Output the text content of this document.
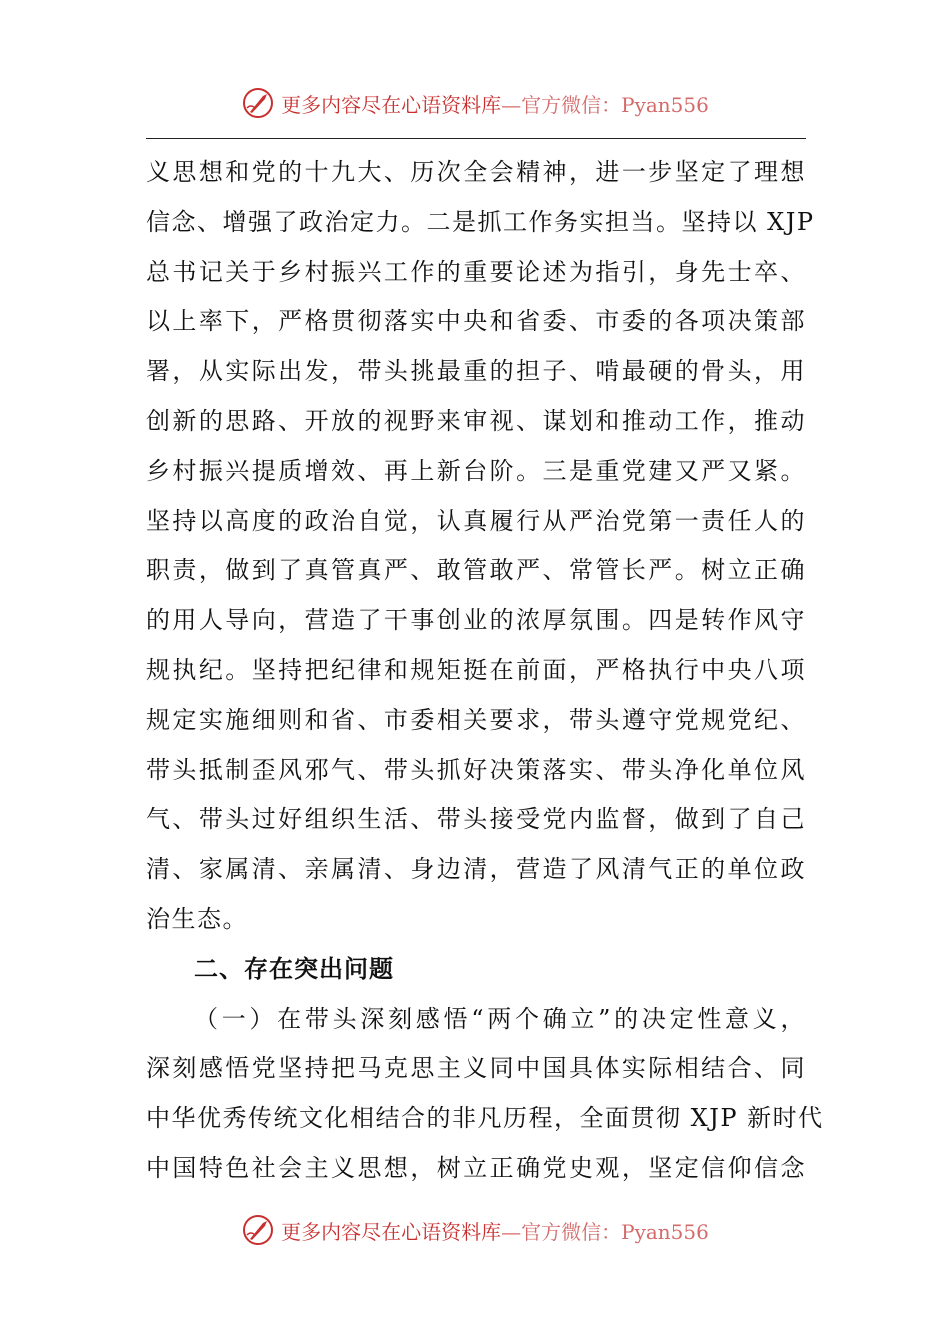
更多内容尽在心语资料库—官方微信：Pyan556
义思想和党的十九大、历次全会精神，进一步坚定了理想
信念、增强了政治定力。二是抓工作务实担当。坚持以 XJP
总书记关于乡村振兴工作的重要论述为指引，身先士卒、
以上率下，严格贯彻落实中央和省委、市委的各项决策部
署，从实际出发，带头挑最重的担子、啃最硬的骨头，用
创新的思路、开放的视野来审视、谋划和推动工作，推动
乡村振兴提质增效、再上新台阶。三是重党建又严又紧。
坚持以高度的政治自觉，认真履行从严治党第一责任人的
职责，做到了真管真严、敢管敢严、常管长严。树立正确
的用人导向，营造了干事创业的浓厚氛围。四是转作风守
规执纪。坚持把纪律和规矩挺在前面，严格执行中央八项
规定实施细则和省、市委相关要求，带头遵守党规党纪、
带头抵制歪风邪气、带头抓好决策落实、带头净化单位风
气、带头过好组织生活、带头接受党内监督，做到了自己
清、家属清、亲属清、身边清，营造了风清气正的单位政
治生态。
二、存在突出问题
（一）在带头深刻感悟“两个确立”的决定性意义，
深刻感悟党坚持把马克思主义同中国具体实际相结合、同
中华优秀传统文化相结合的非凡历程，全面贯彻 XJP 新时代
中国特色社会主义思想，树立正确党史观，坚定信仰信念
更多内容尽在心语资料库—官方微信：Pyan556
